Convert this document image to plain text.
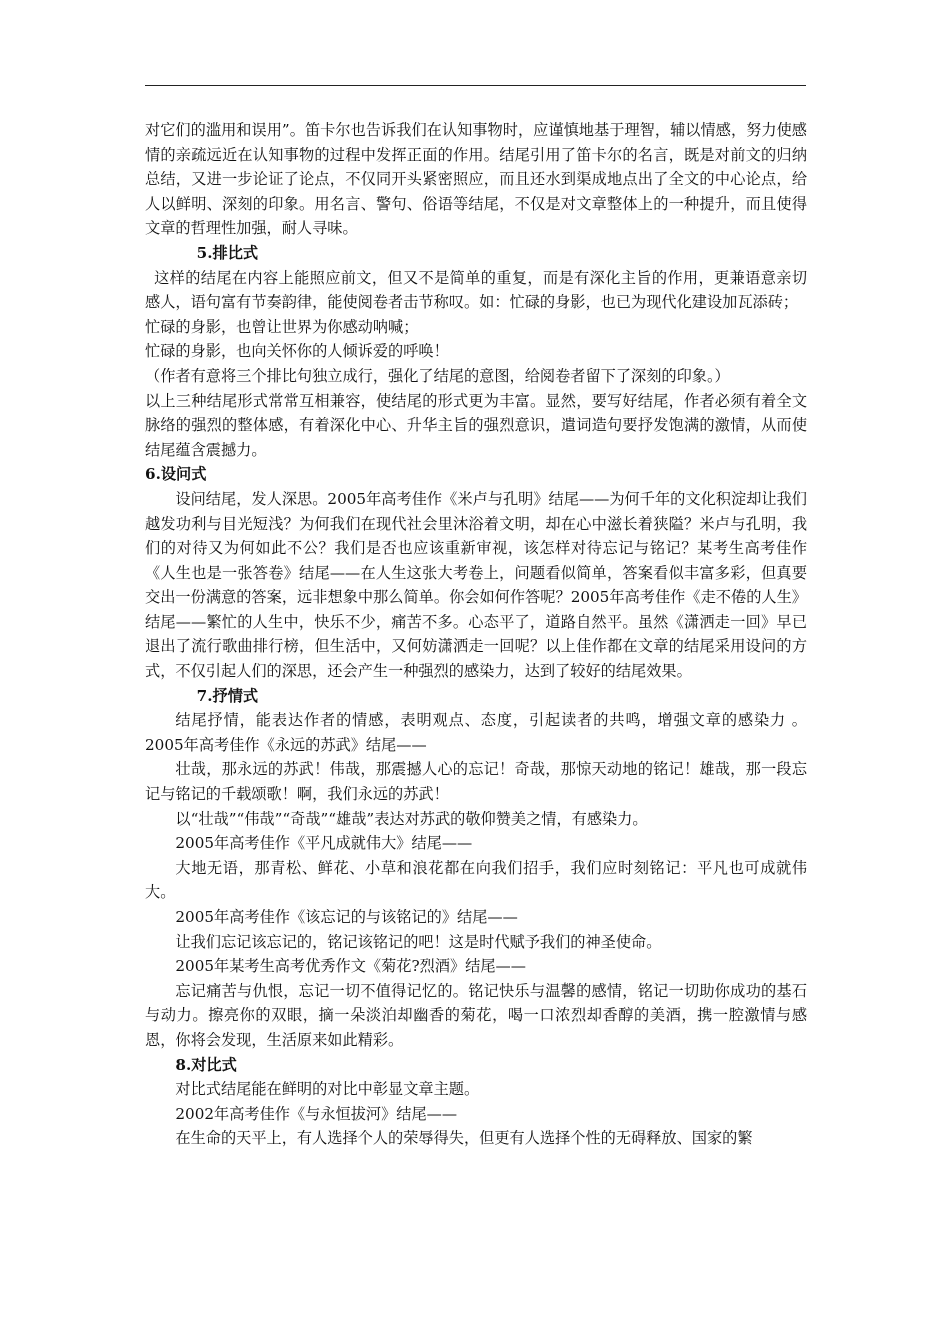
对它们的滥用和误用”。笛卡尔也告诉我们在认知事物时，应谨慎地基于理智，辅以情感，努力使感情的亲疏远近在认知事物的过程中发挥正面的作用。结尾引用了笛卡尔的名言，既是对前文的归纳总结，又进一步论证了论点，不仅同开头紧密照应，而且还水到渠成地点出了全文的中心论点，给人以鲜明、深刻的印象。用名言、警句、俗语等结尾，不仅是对文章整体上的一种提升，而且使得文章的哲理性加强，耐人寻味。

5.排比式

这样的结尾在内容上能照应前文，但又不是简单的重复，而是有深化主旨的作用，更兼语意亲切感人，语句富有节奏韵律，能使阅卷者击节称叹。如：忙碌的身影，也已为现代化建设加瓦添砖；

忙碌的身影，也曾让世界为你感动呐喊；

忙碌的身影，也向关怀你的人倾诉爱的呼唤！

（作者有意将三个排比句独立成行，强化了结尾的意图，给阅卷者留下了深刻的印象。）

以上三种结尾形式常常互相兼容，使结尾的形式更为丰富。显然，要写好结尾，作者必须有着全文脉络的强烈的整体感，有着深化中心、升华主旨的强烈意识，遣词造句要抒发饱满的激情，从而使结尾蕴含震撼力。

6.设问式

设问结尾，发人深思。2005年高考佳作《米卢与孔明》结尾——为何千年的文化积淀却让我们越发功利与目光短浅？为何我们在现代社会里沐浴着文明，却在心中滋长着狭隘？米卢与孔明，我们的对待又为何如此不公？我们是否也应该重新审视，该怎样对待忘记与铭记？某考生高考佳作《人生也是一张答卷》结尾——在人生这张大考卷上，问题看似简单，答案看似丰富多彩，但真要交出一份满意的答案，远非想象中那么简单。你会如何作答呢？2005年高考佳作《走不倦的人生》结尾——繁忙的人生中，快乐不少，痛苦不多。心态平了，道路自然平。虽然《潇洒走一回》早已退出了流行歌曲排行榜，但生活中，又何妨潇洒走一回呢？以上佳作都在文章的结尾采用设问的方式，不仅引起人们的深思，还会产生一种强烈的感染力，达到了较好的结尾效果。

7.抒情式

结尾抒情，能表达作者的情感，表明观点、态度，引起读者的共鸣，增强文章的感染力 。2005年高考佳作《永远的苏武》结尾——

壮哉，那永远的苏武！伟哉，那震撼人心的忘记！奇哉，那惊天动地的铭记！雄哉，那一段忘记与铭记的千载颂歌！啊，我们永远的苏武！

以“壮哉”“伟哉”“奇哉”“雄哉”表达对苏武的敬仰赞美之情，有感染力。

2005年高考佳作《平凡成就伟大》结尾——

大地无语，那青松、鲜花、小草和浪花都在向我们招手，我们应时刻铭记：平凡也可成就伟大。

2005年高考佳作《该忘记的与该铭记的》结尾——

让我们忘记该忘记的，铭记该铭记的吧！这是时代赋予我们的神圣使命。

2005年某考生高考优秀作文《菊花?烈酒》结尾——

忘记痛苦与仇恨，忘记一切不值得记忆的。铭记快乐与温馨的感情，铭记一切助你成功的基石与动力。擦亮你的双眼，摘一朵淡泊却幽香的菊花，喝一口浓烈却香醇的美酒，携一腔激情与感恩，你将会发现，生活原来如此精彩。

8.对比式

对比式结尾能在鲜明的对比中彰显文章主题。

2002年高考佳作《与永恒拔河》结尾——

在生命的天平上，有人选择个人的荣辱得失，但更有人选择个性的无碍释放、国家的繁
